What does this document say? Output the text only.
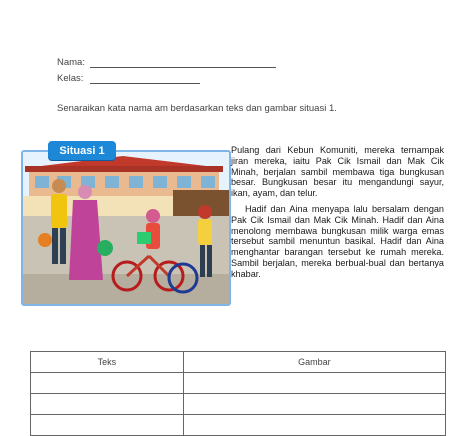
Nama:
Kelas:
Senaraikan kata nama am berdasarkan teks dan gambar situasi 1.
Situasi 1	Pulang dari Kebun Komuniti, mereka ternampak jiran mereka, iaitu Pak Cik Ismail dan Mak Cik Minah, berjalan sambil membawa tiga bungkusan besar. Bungkusan besar itu mengandungi sayur, ikan, ayam, dan telur.

Hadif dan Aina menyapa lalu bersalam dengan Pak Cik Ismail dan Mak Cik Minah. Hadif dan Aina menolong membawa bungkusan milik warga emas tersebut sambil menuntun basikal. Hadif dan Aina menghantar barangan tersebut ke rumah mereka. Sambil berjalan, mereka berbual-bual dan bertanya khabar.

Teks	Gambar
